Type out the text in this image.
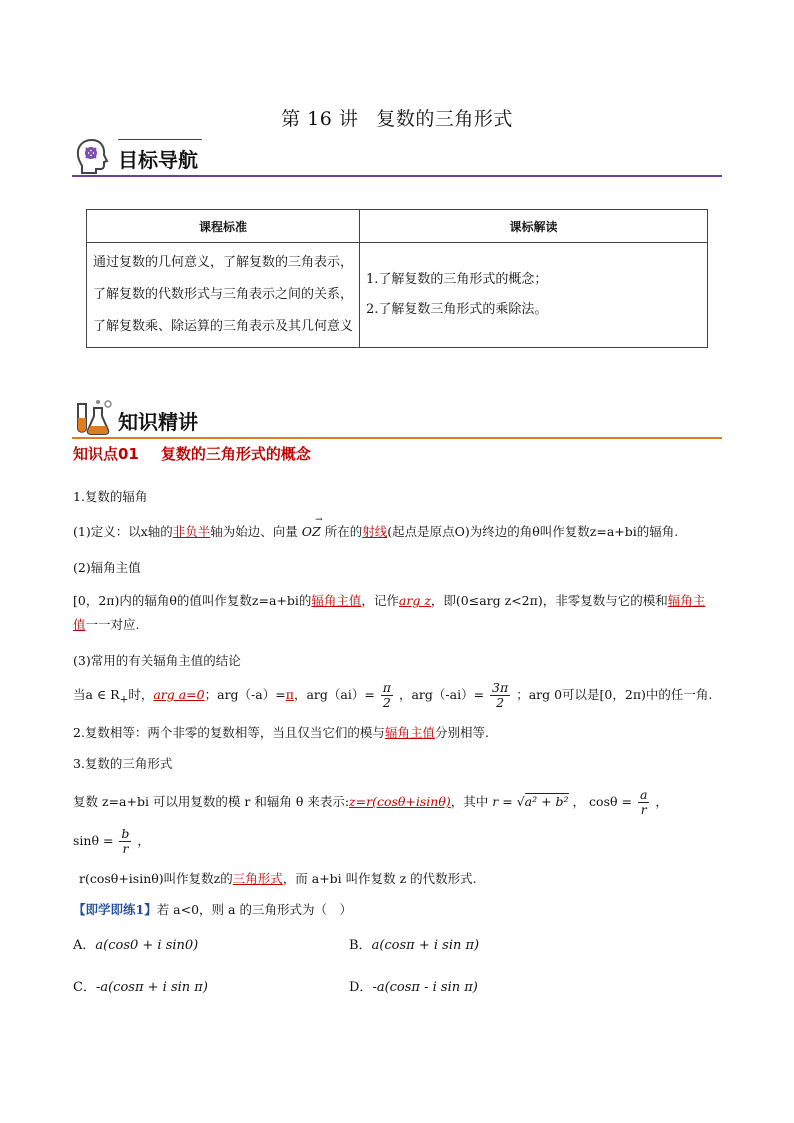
第 16 讲 复数的三角形式
目标导航
课程标准	课标解读
通过复数的几何意义，了解复数的三角表示，了解复数的代数形式与三角表示之间的关系，了解复数乘、除运算的三角表示及其几何意义	1.了解复数的三角形式的概念；
2.了解复数三角形式的乘除法。
知识精讲
知识点01 复数的三角形式的概念
1.复数的辐角
(1)定义：以x轴的非负半轴为始边、向量 OZ
→
所在的射线(起点是原点O)为终边的角θ叫作复数z=a+bi的辐角.
(2)辐角主值
[0，2π)内的辐角θ的值叫作复数z=a+bi的辐角主值，记作arg z，即(0≤arg z<2π)，非零复数与它的模和辐角主
值一一对应.
(3)常用的有关辐角主值的结论
当a ∈ $R_+$时，arg a=0；arg（-a）=π，$arg(ai)= \frac{\pi}{2}$ ，$arg(-ai)= \frac{3\pi}{2}$ ；arg 0可以是[0，2π)中的任一角.
2.复数相等：两个非零的复数相等，当且仅当它们的模与辐角主值分别相等.
3.复数的三角形式
复数 z=a+bi 可以用复数的模 r 和辐角 θ 来表示:z=r(cosθ+isinθ)，其中 r = √a² + b² ， $\cos\theta = \frac{a}{r}$ ，
$\sin\theta = \frac{b}{r}$ ，
r(cosθ+isinθ)叫作复数z的三角形式，而 a+bi 叫作复数 z 的代数形式.
【即学即练1】若 a<0，则 a 的三角形式为（　）
A．a(cos0 + i sin0)	B．a(cosπ + i sin π)
C．-a(cosπ + i sin π)	D．-a(cosπ - i sin π)
